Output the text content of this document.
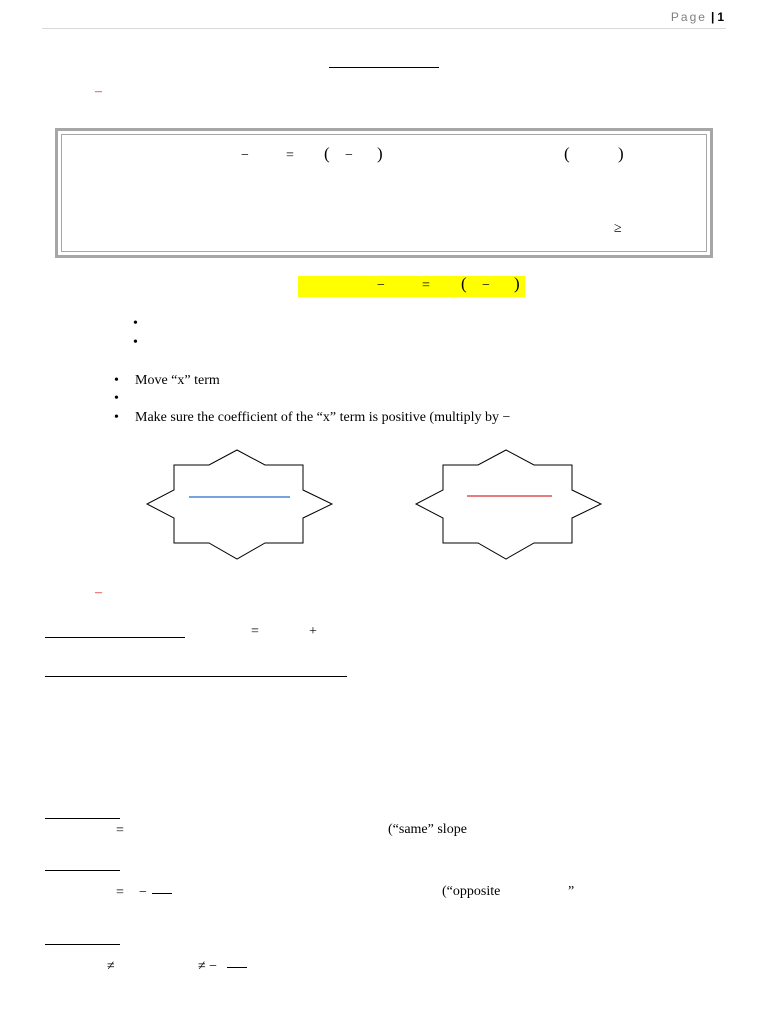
Page | 1
–
−	= ( − )	(	)
≥
−	= ( − )
•
•
• Move “x” term
•
• Make sure the coefficient of the “x” term is positive (multiply by −
–
=	+
=	(“same” slope
= −	(“opposite	”
≠	≠ −
